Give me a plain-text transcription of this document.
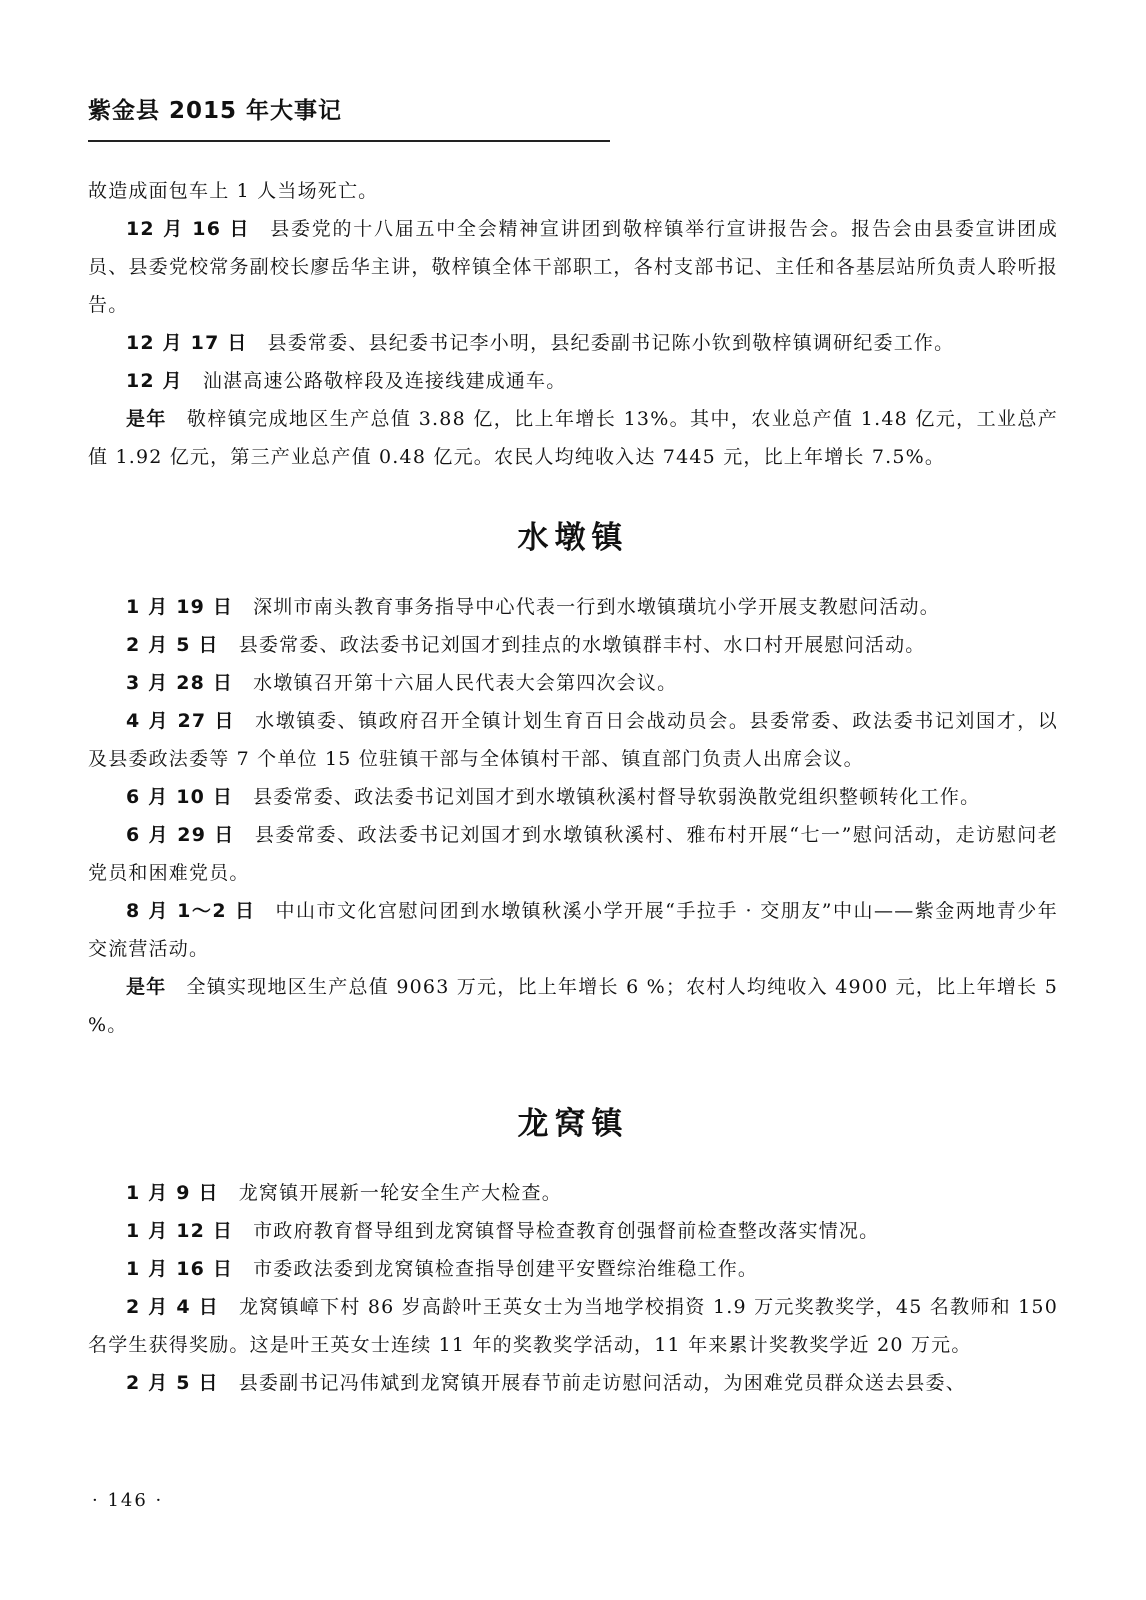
紫金县 2015 年大事记

故造成面包车上 1 人当场死亡。

12 月 16 日 县委党的十八届五中全会精神宣讲团到敬梓镇举行宣讲报告会。报告会由县委宣讲团成员、县委党校常务副校长廖岳华主讲，敬梓镇全体干部职工，各村支部书记、主任和各基层站所负责人聆听报告。

12 月 17 日 县委常委、县纪委书记李小明，县纪委副书记陈小钦到敬梓镇调研纪委工作。

12 月 汕湛高速公路敬梓段及连接线建成通车。

是年 敬梓镇完成地区生产总值 3.88 亿，比上年增长 13%。其中，农业总产值 1.48 亿元，工业总产值 1.92 亿元，第三产业总产值 0.48 亿元。农民人均纯收入达 7445 元，比上年增长 7.5%。

水墩镇

1 月 19 日 深圳市南头教育事务指导中心代表一行到水墩镇璜坑小学开展支教慰问活动。

2 月 5 日 县委常委、政法委书记刘国才到挂点的水墩镇群丰村、水口村开展慰问活动。

3 月 28 日 水墩镇召开第十六届人民代表大会第四次会议。

4 月 27 日 水墩镇委、镇政府召开全镇计划生育百日会战动员会。县委常委、政法委书记刘国才，以及县委政法委等 7 个单位 15 位驻镇干部与全体镇村干部、镇直部门负责人出席会议。

6 月 10 日 县委常委、政法委书记刘国才到水墩镇秋溪村督导软弱涣散党组织整顿转化工作。

6 月 29 日 县委常委、政法委书记刘国才到水墩镇秋溪村、雅布村开展“七一”慰问活动，走访慰问老党员和困难党员。

8 月 1～2 日 中山市文化宫慰问团到水墩镇秋溪小学开展“手拉手 · 交朋友”中山——紫金两地青少年交流营活动。

是年 全镇实现地区生产总值 9063 万元，比上年增长 6 %；农村人均纯收入 4900 元，比上年增长 5 %。

龙窝镇

1 月 9 日 龙窝镇开展新一轮安全生产大检查。

1 月 12 日 市政府教育督导组到龙窝镇督导检查教育创强督前检查整改落实情况。

1 月 16 日 市委政法委到龙窝镇检查指导创建平安暨综治维稳工作。

2 月 4 日 龙窝镇嶂下村 86 岁高龄叶王英女士为当地学校捐资 1.9 万元奖教奖学，45 名教师和 150 名学生获得奖励。这是叶王英女士连续 11 年的奖教奖学活动，11 年来累计奖教奖学近 20 万元。

2 月 5 日 县委副书记冯伟斌到龙窝镇开展春节前走访慰问活动，为困难党员群众送去县委、

· 146 ·
